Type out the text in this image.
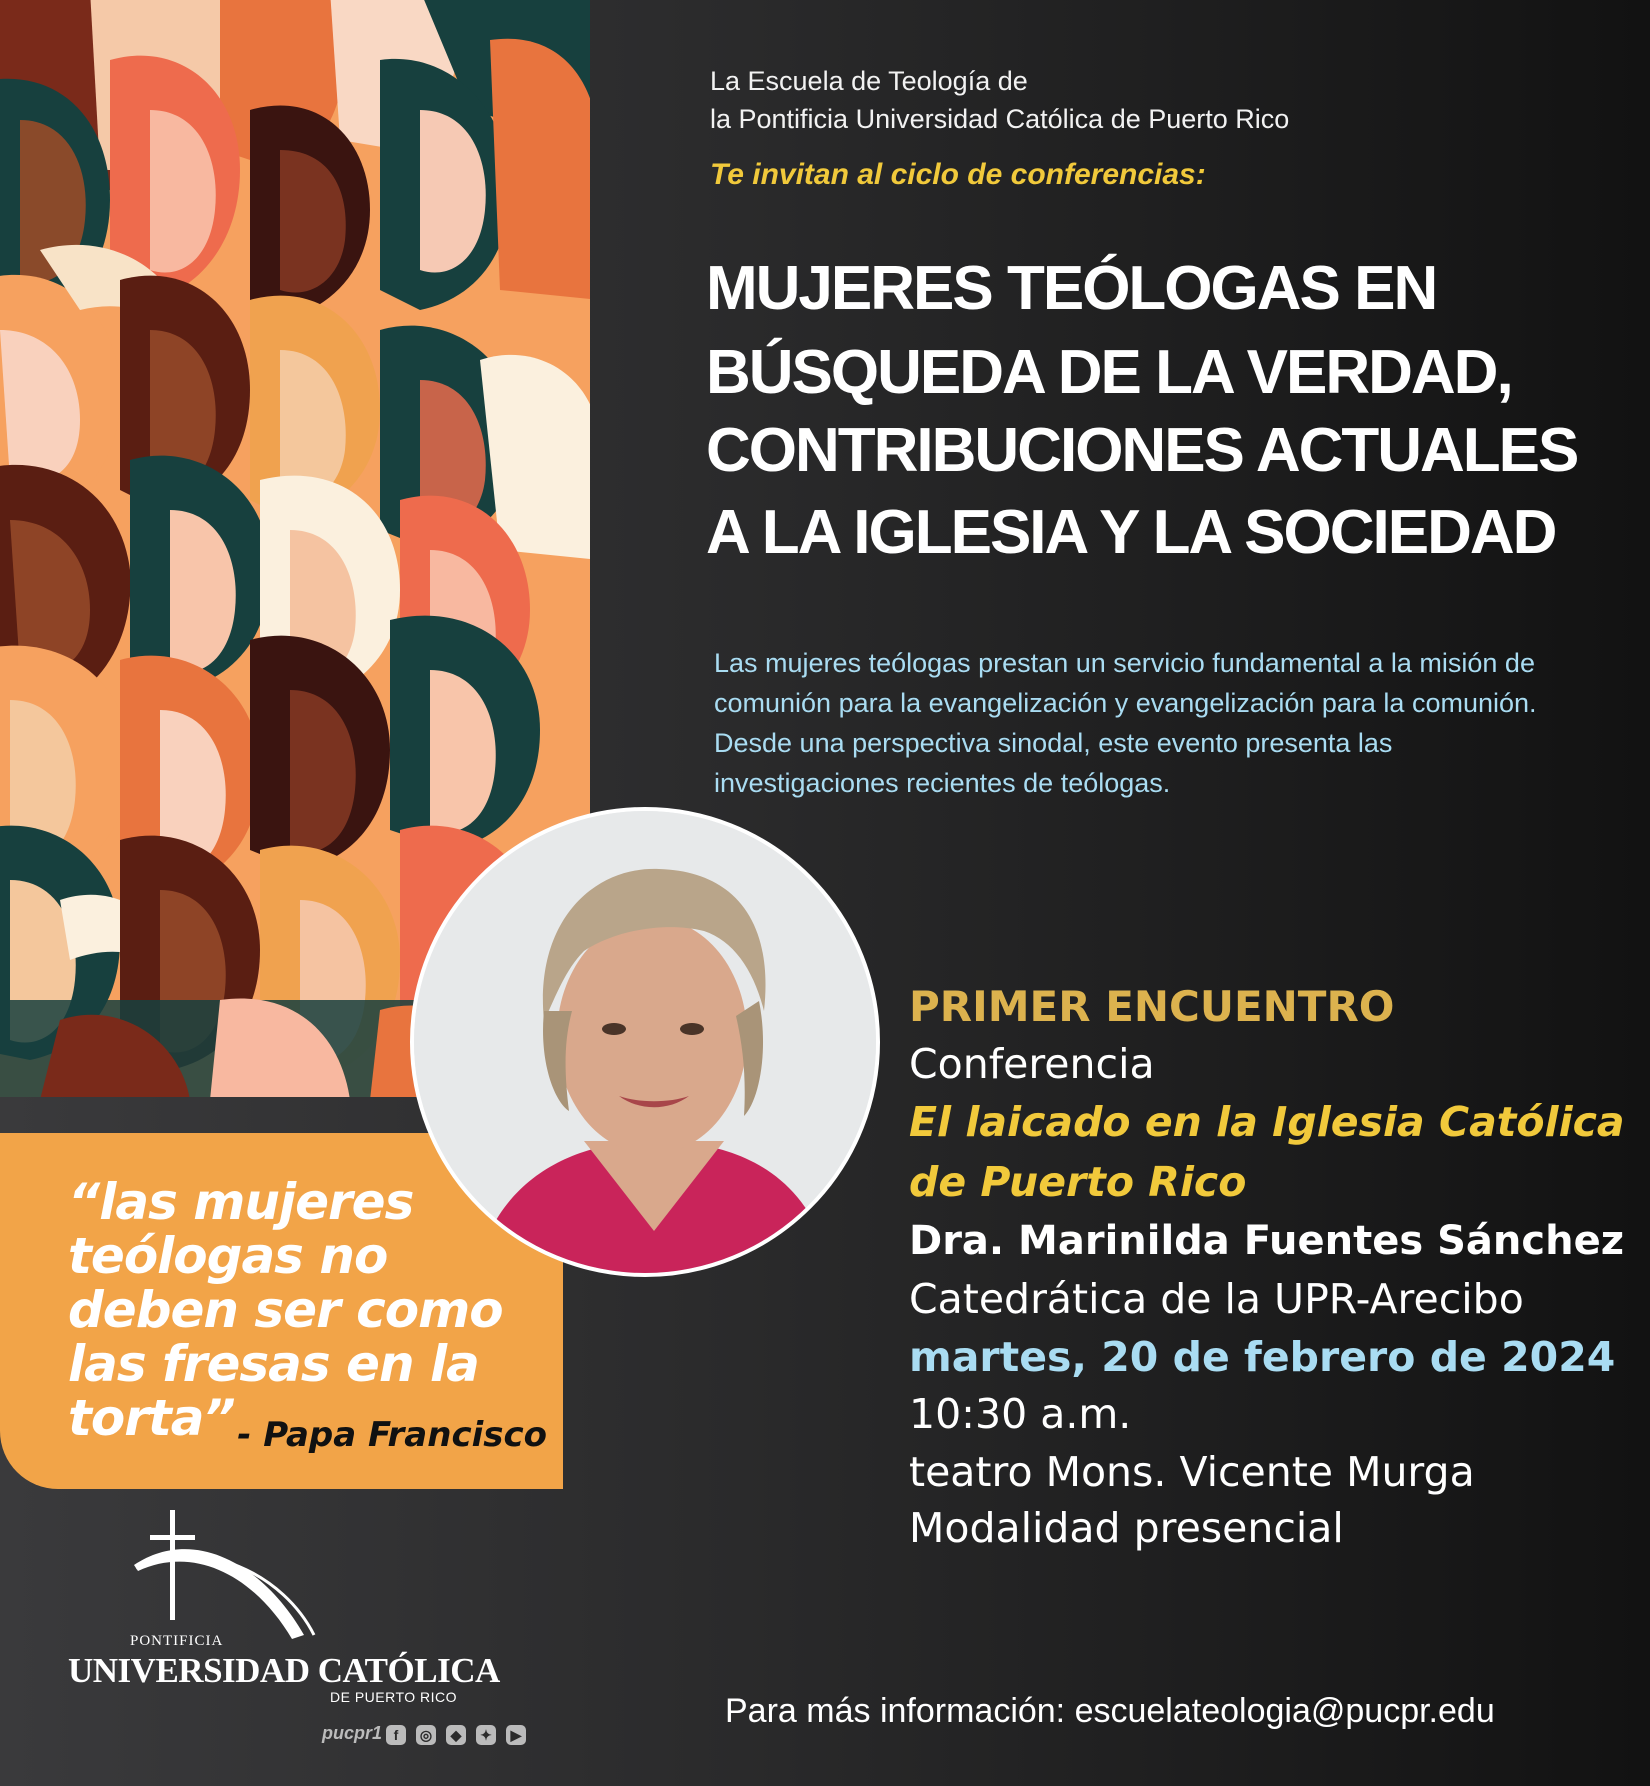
“las mujeres teólogas no deben ser como las fresas en la torta” - Papa Francisco

La Escuela de Teología de

la Pontificia Universidad Católica de Puerto Rico

Te invitan al ciclo de conferencias:

MUJERES TEÓLOGAS EN

BÚSQUEDA DE LA VERDAD,

CONTRIBUCIONES ACTUALES

A LA IGLESIA Y LA SOCIEDAD

Las mujeres teólogas prestan un servicio fundamental a la misión de comunión para la evangelización y evangelización para la comunión. Desde una perspectiva sinodal, este evento presenta las investigaciones recientes de teólogas.

PRIMER ENCUENTRO

Conferencia

El laicado en la Iglesia Católica

de Puerto Rico

Dra. Marinilda Fuentes Sánchez

Catedrática de la UPR-Arecibo

martes, 20 de febrero de 2024

10:30 a.m.

teatro Mons. Vicente Murga

Modalidad presencial

Para más información: escuelateologia@pucpr.edu

PONTIFICIA

UNIVERSIDAD CATÓLICA

DE PUERTO RICO

pucpr1 f	◎	◆	✦	▶
